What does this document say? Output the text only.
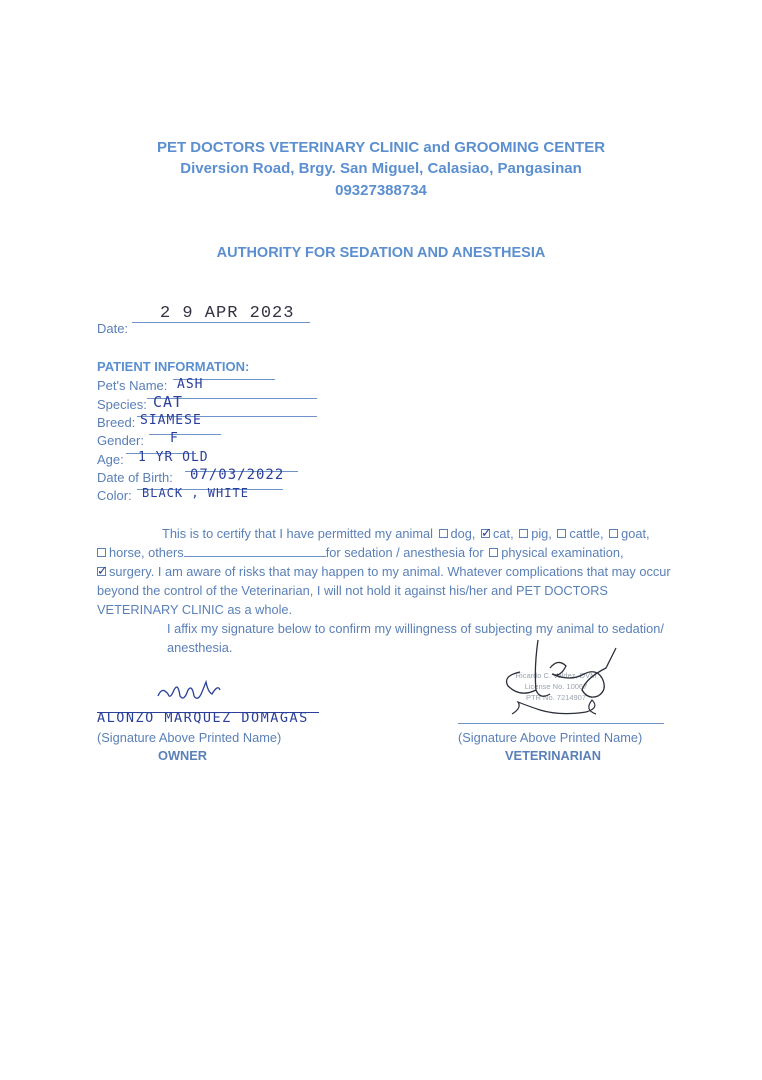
PET DOCTORS VETERINARY CLINIC and GROOMING CENTER
Diversion Road, Brgy. San Miguel, Calasiao, Pangasinan
09327388734
AUTHORITY FOR SEDATION AND ANESTHESIA
Date:
2 9 APR 2023
PATIENT INFORMATION:
Pet's Name: ASH
Species: CAT
Breed: SIAMESE
Gender: F
Age: 1 YR OLD
Date of Birth: 07/03/2022
Color: BLACK , WHITE
This is to certify that I have permitted my animal dog, ✓ cat, pig, cattle, goat,
horse, others	for sedation / anesthesia for physical examination,
✓surgery. I am aware of risks that may happen to my animal. Whatever complications that may occur beyond the control of the Veterinarian, I will not hold it against his/her and PET DOCTORS VETERINARY CLINIC as a whole.
I affix my signature below to confirm my willingness of subjecting my animal to sedation/ anesthesia.
ALONZO MARQUEZ DOMAGAS
(Signature Above Printed Name)
OWNER
Ricardo C. Valdez, DVM
License No. 10067
PTR No. 7214907
(Signature Above Printed Name)
VETERINARIAN
